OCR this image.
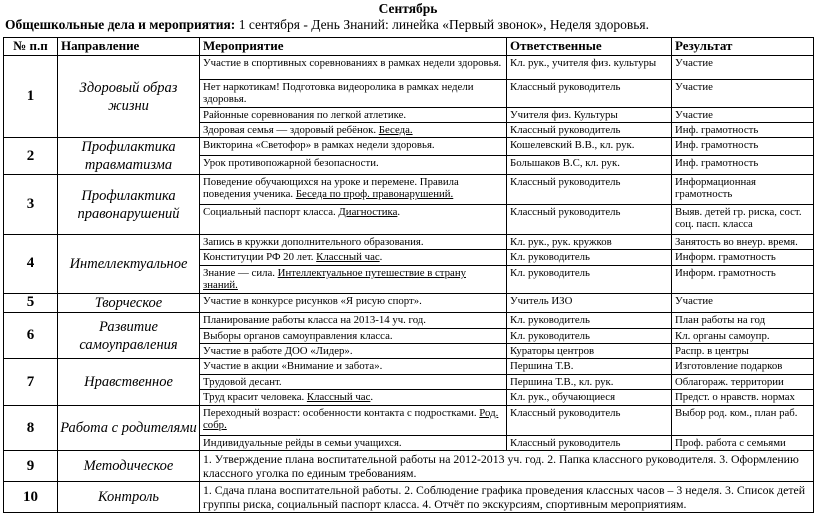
Сентябрь
Общешкольные дела и мероприятия: 1 сентября - День Знаний: линейка «Первый звонок», Неделя здоровья.
№ п.п	Направление	Мероприятие	Ответственные	Результат
1	Здоровый образ жизни	Участие в спортивных соревнованиях в рамках недели здоровья.	Кл. рук., учителя физ. культуры	Участие
		Нет наркотикам! Подготовка видеоролика в рамках недели здоровья.	Классный руководитель	Участие
		Районные соревнования по легкой атлетике.	Учителя физ. Культуры	Участие
		Здоровая семья — здоровый ребёнок. Беседа.	Классный руководитель	Инф. грамотность
2	Профилактика травматизма	Викторина «Светофор» в рамках недели здоровья.	Кошелевский В.В., кл. рук.	Инф. грамотность
		Урок противопожарной безопасности.	Большаков В.С, кл. рук.	Инф. грамотность
3	Профилактика правонарушений	Поведение обучающихся на уроке и перемене. Правила поведения ученика. Беседа по проф. правонарушений.	Классный руководитель	Информационная грамотность
		Социальный паспорт класса. Диагностика.	Классный руководитель	Выяв. детей гр. риска, сост. соц. пасп. класса
4	Интеллектуальное	Запись в кружки дополнительного образования.	Кл. рук., рук. кружков	Занятость во внеур. время.
		Конституции РФ 20 лет. Классный час.	Кл. руководитель	Информ. грамотность
		Знание — сила. Интеллектуальное путешествие в страну знаний.	Кл. руководитель	Информ. грамотность
5	Творческое	Участие в конкурсе рисунков «Я рисую спорт».	Учитель ИЗО	Участие
6	Развитие самоуправления	Планирование работы класса на 2013-14 уч. год.	Кл. руководитель	План работы на год
		Выборы органов самоуправления класса.	Кл. руководитель	Кл. органы самоупр.
		Участие в работе ДОО «Лидер».	Кураторы центров	Распр. в центры
7	Нравственное	Участие в акции «Внимание и забота».	Першина Т.В.	Изготовление подарков
		Трудовой десант.	Першина Т.В., кл. рук.	Облагораж. территории
		Труд красит человека. Классный час.	Кл. рук., обучающиеся	Предст. о нравств. нормах
8	Работа с родителями	Переходный возраст: особенности контакта с подростками. Род. собр.	Классный руководитель	Выбор род. ком., план раб.
		Индивидуальные рейды в семьи учащихся.	Классный руководитель	Проф. работа с семьями
9	Методическое	1. Утверждение плана воспитательной работы на 2012-2013 уч. год. 2. Папка классного руководителя. 3. Оформлению классного уголка по единым требованиям.		
10	Контроль	1. Сдача плана воспитательной работы. 2. Соблюдение графика проведения классных часов – 3 неделя. 3. Список детей группы риска, социальный паспорт класса. 4. Отчёт по экскурсиям, спортивным мероприятиям.		
